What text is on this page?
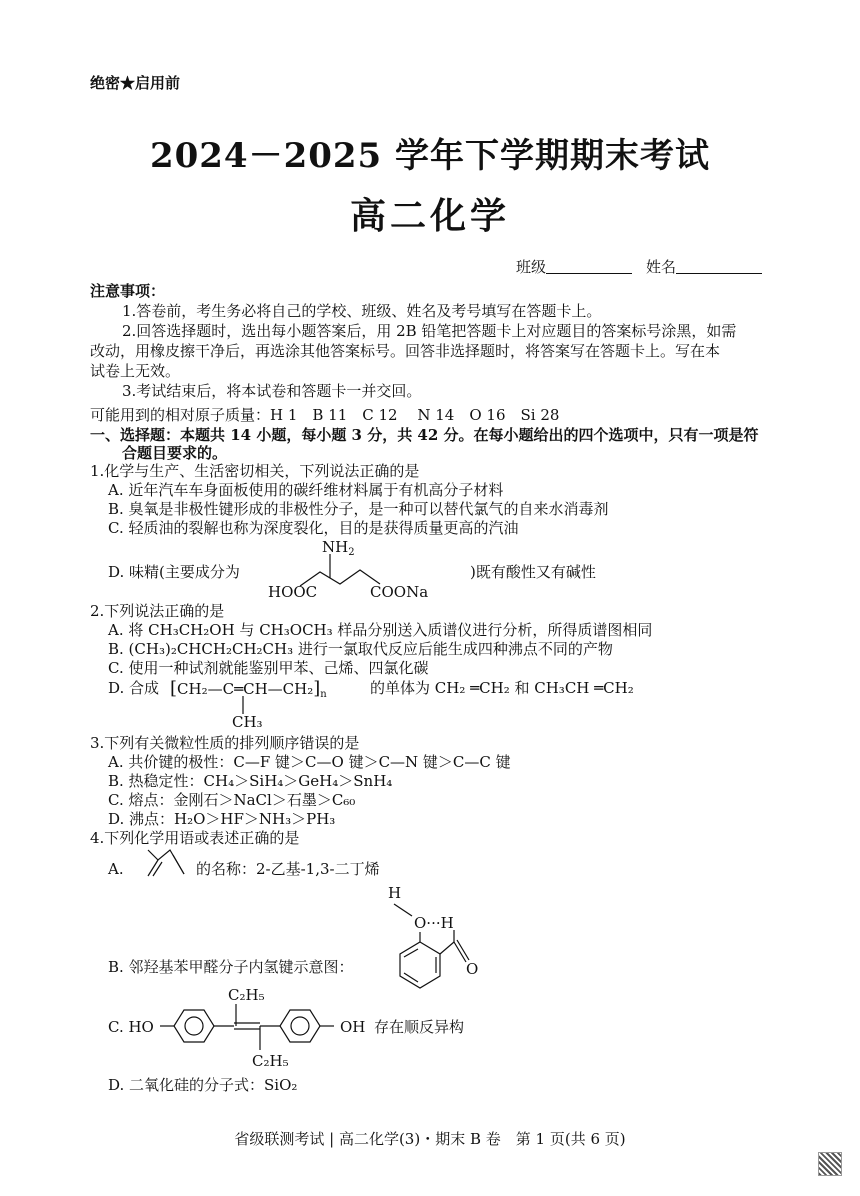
绝密★启用前
2024－2025 学年下学期期末考试
高二化学
班级	姓名
注意事项：
1.答卷前，考生务必将自己的学校、班级、姓名及考号填写在答题卡上。
2.回答选择题时，选出每小题答案后，用 2B 铅笔把答题卡上对应题目的答案标号涂黑，如需
改动，用橡皮擦干净后，再选涂其他答案标号。回答非选择题时，将答案写在答题卡上。写在本
试卷上无效。
3.考试结束后，将本试卷和答题卡一并交回。
可能用到的相对原子质量：H 1　B 11　C 12　 N 14　O 16　Si 28
一、选择题：本题共 14 小题，每小题 3 分，共 42 分。在每小题给出的四个选项中，只有一项是符
合题目要求的。
1.化学与生产、生活密切相关，下列说法正确的是
A. 近年汽车车身面板使用的碳纤维材料属于有机高分子材料
B. 臭氧是非极性键形成的非极性分子，是一种可以替代氯气的自来水消毒剂
C. 轻质油的裂解也称为深度裂化，目的是获得质量更高的汽油
D. 味精(主要成分为
$NH_2$
HOOC	COONa
)既有酸性又有碱性
2.下列说法正确的是
A. 将 CH₃CH₂OH 与 CH₃OCH₃ 样品分别送入质谱仪进行分析，所得质谱图相同
B. (CH₃)₂CHCH₂CH₂CH₃ 进行一氯取代反应后能生成四种沸点不同的产物
C. 使用一种试剂就能鉴别甲苯、己烯、四氯化碳
D. 合成 $[CH_2—C═CH—CH_2]_n$
CH₃
的单体为 CH₂ ═CH₂ 和 CH₃CH ═CH₂
3.下列有关微粒性质的排列顺序错误的是
A. 共价键的极性：C—F 键＞C—O 键＞C—N 键＞C—C 键
B. 热稳定性：CH₄＞SiH₄＞GeH₄＞SnH₄
C. 熔点：金刚石＞NaCl＞石墨＞C₆₀
D. 沸点：H₂O＞HF＞NH₃＞PH₃
4.下列化学用语或表述正确的是
A.	的名称：2-乙基-1,3-二丁烯
H
O···H
O
B. 邻羟基苯甲醛分子内氢键示意图：
C₂H₅
C. HO	OH 存在顺反异构
C₂H₅
D. 二氧化硅的分子式：SiO₂
省级联测考试 | 高二化学(3)・期末 B 卷　第 1 页(共 6 页)
